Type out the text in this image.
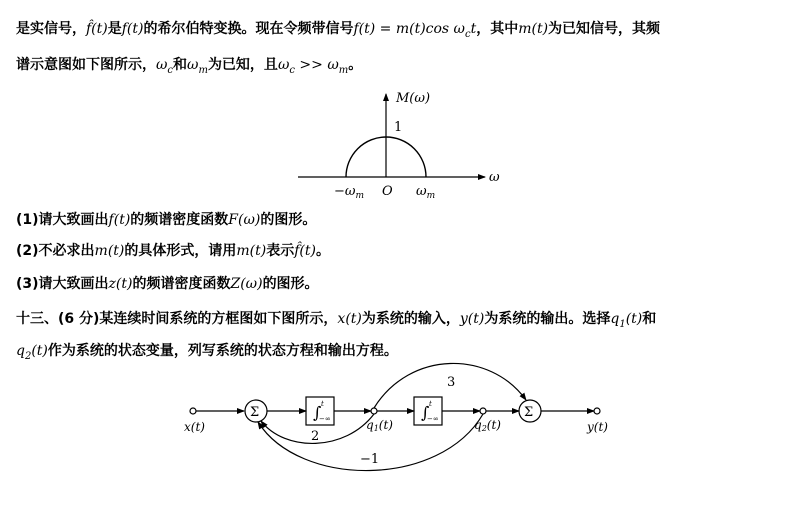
是实信号，f̂(t)是f(t)的希尔伯特变换。现在令频带信号f(t) = m(t)cos $\omega_ct$，其中m(t)为已知信号，其频
谱示意图如下图所示，$\omega_c$和$\omega_m$为已知，且$\omega_c >> \omega_m$。
M(ω)
ω
1
O
$-\omega_m$	$\omega_m$
(1)请大致画出f(t)的频谱密度函数F(ω)的图形。
(2)不必求出m(t)的具体形式，请用m(t)表示f̂(t)。
(3)请大致画出z(t)的频谱密度函数Z(ω)的图形。
十三、(6 分)某连续时间系统的方框图如下图所示，x(t)为系统的输入，y(t)为系统的输出。选择$q_1(t)$和
$q_2(t)$作为系统的状态变量，列写系统的状态方程和输出方程。
Σ	Σ
∫ t
−∞	∫ t
−∞
x(t)	y(t)
q1(t)	q2(t)
3
2
−1
